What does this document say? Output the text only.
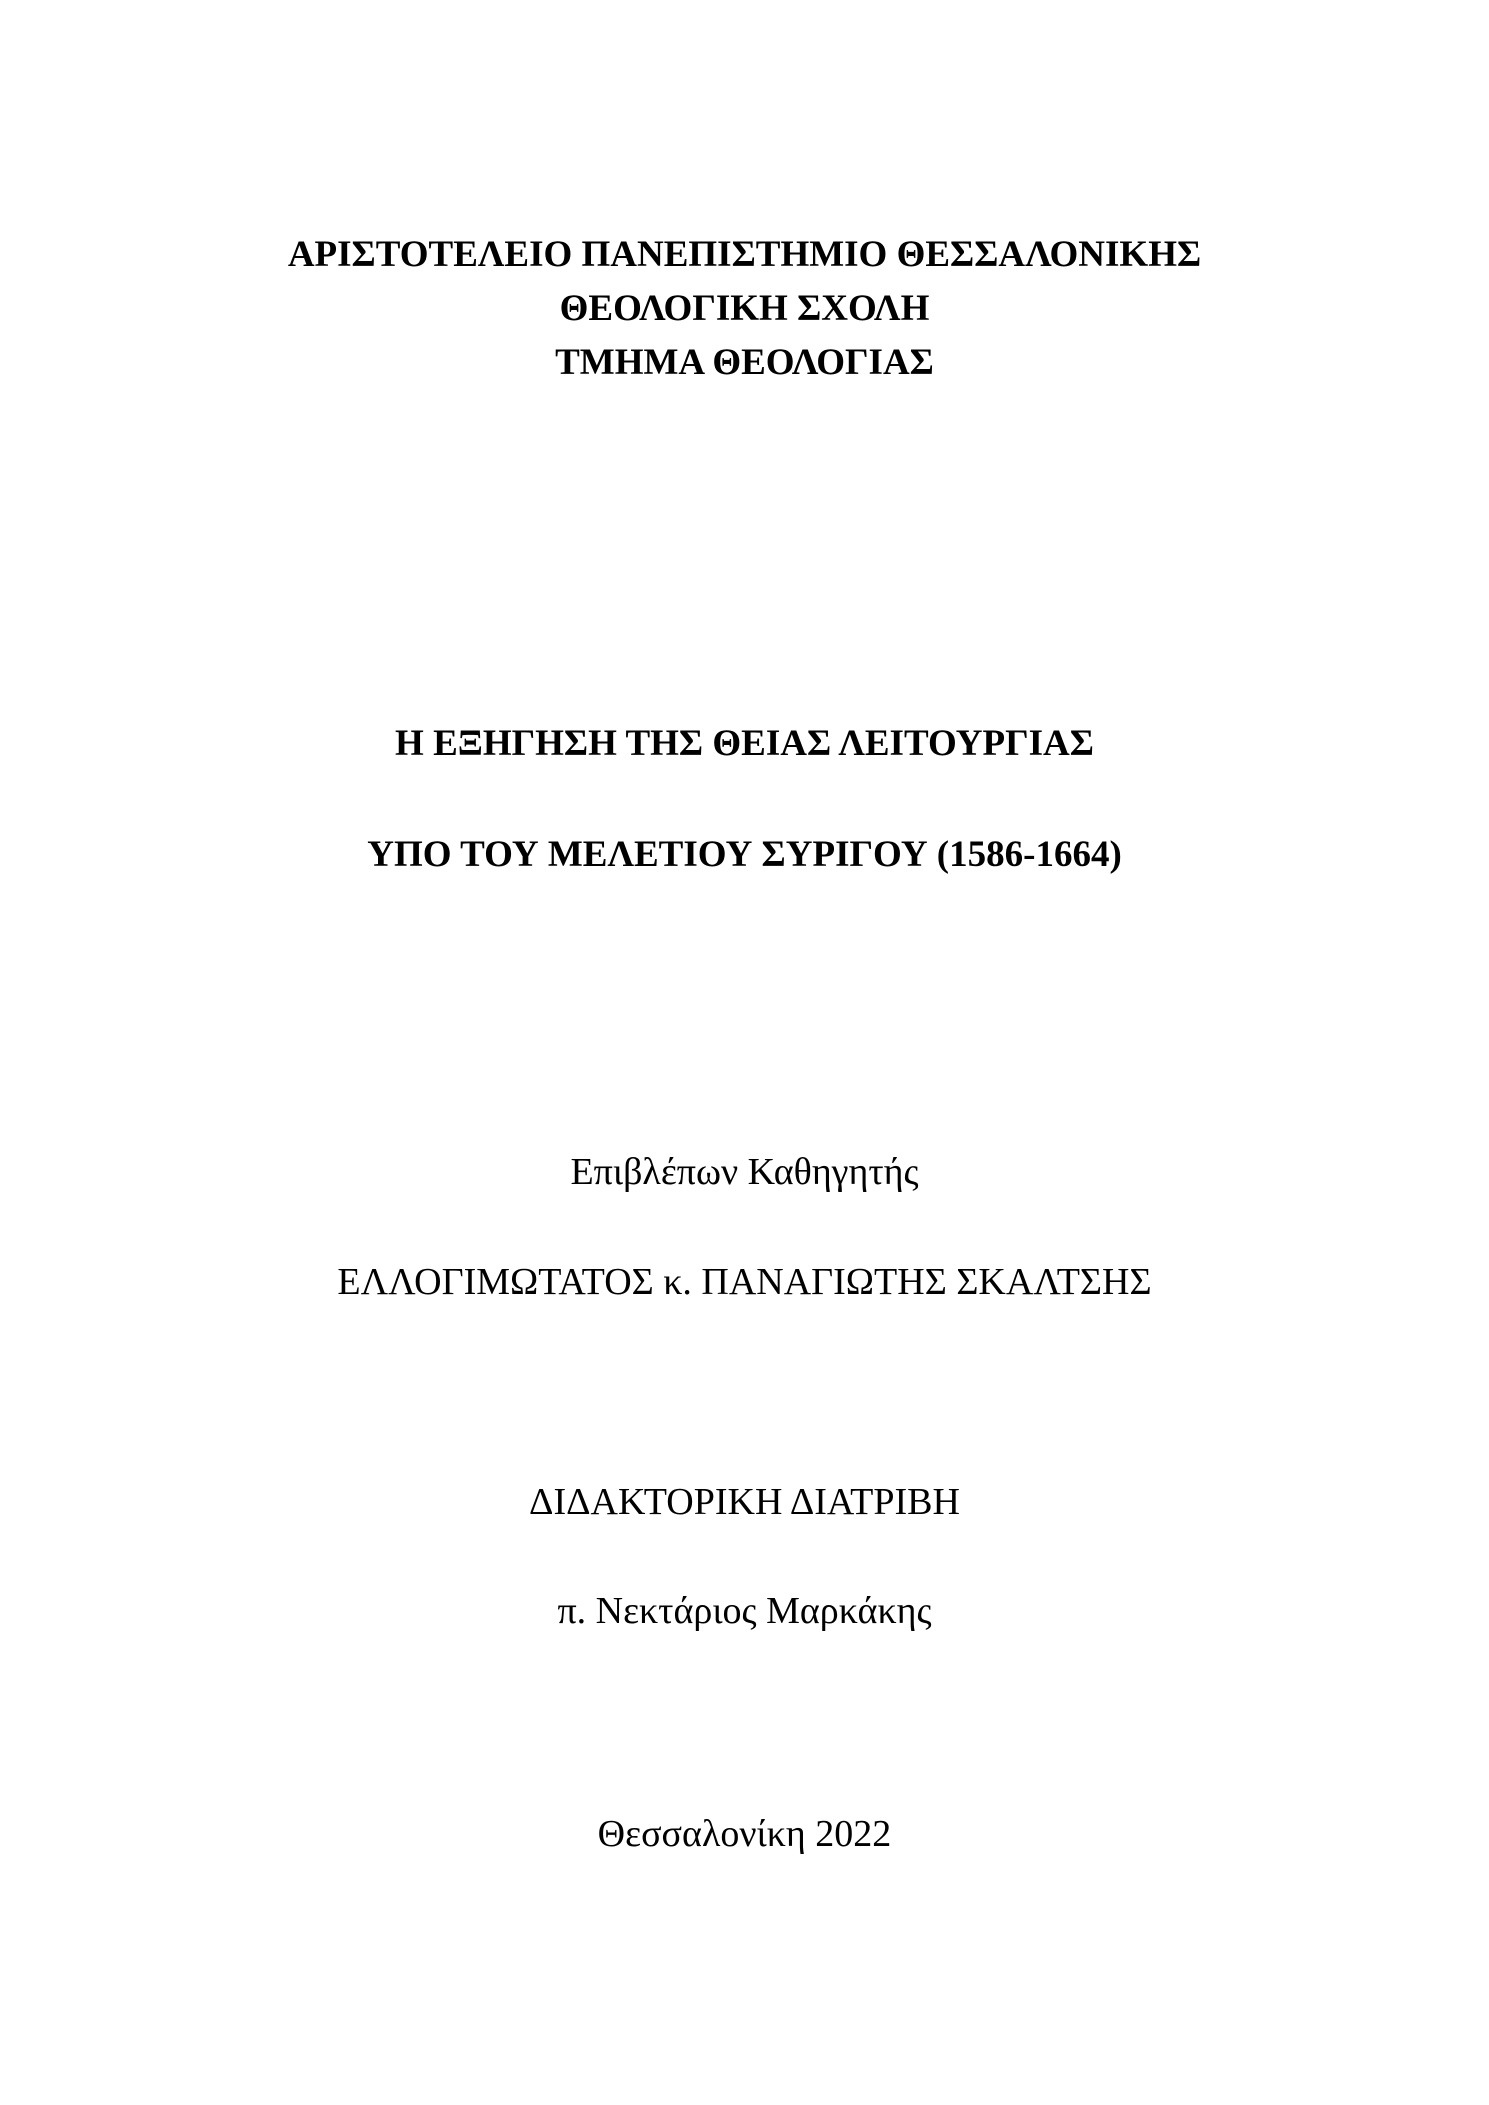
ΑΡΙΣΤΟΤΕΛΕΙΟ ΠΑΝΕΠΙΣΤΗΜΙΟ ΘΕΣΣΑΛΟΝΙΚΗΣ
ΘΕΟΛΟΓΙΚΗ ΣΧΟΛΗ
ΤΜΗΜΑ ΘΕΟΛΟΓΙΑΣ
Η ΕΞΗΓΗΣΗ ΤΗΣ ΘΕΙΑΣ ΛΕΙΤΟΥΡΓΙΑΣ
ΥΠΟ ΤΟΥ ΜΕΛΕΤΙΟΥ ΣΥΡΙΓΟΥ (1586-1664)
Επιβλέπων Καθηγητής
ΕΛΛΟΓΙΜΩΤΑΤΟΣ κ. ΠΑΝΑΓΙΩΤΗΣ ΣΚΑΛΤΣΗΣ
ΔΙΔΑΚΤΟΡΙΚΗ ΔΙΑΤΡΙΒΗ
π. Νεκτάριος Μαρκάκης
Θεσσαλονίκη 2022
